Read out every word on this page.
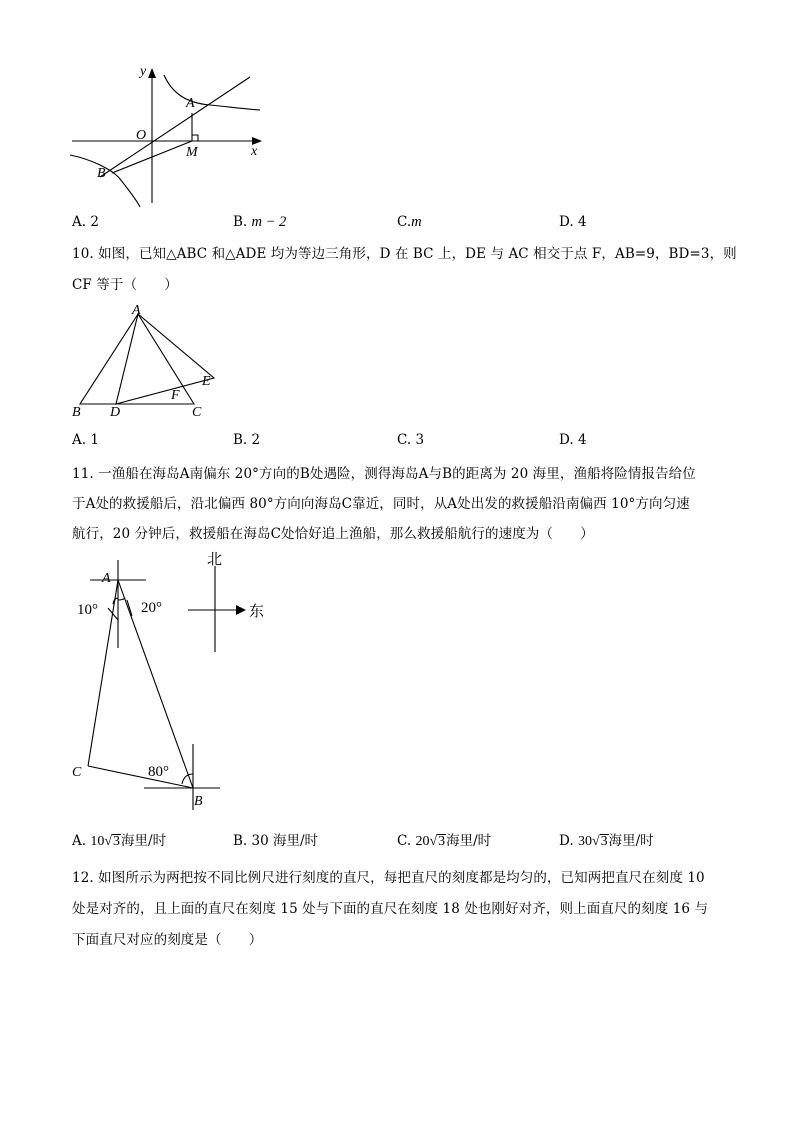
y
x
O
A
M
B
A. 2	B. m − 2	C.m	D. 4
10. 如图，已知△ABC 和△ADE 均为等边三角形，D 在 BC 上，DE 与 AC 相交于点 F，AB=9，BD=3，则
CF 等于（　　）
A
B D
F
C
E
A. 1	B. 2	C. 3	D. 4
11. 一渔船在海岛A南偏东 20°方向的B处遇险，测得海岛A与B的距离为 20 海里，渔船将险情报告给位
于A处的救援船后，沿北偏西 80°方向向海岛C靠近，同时，从A处出发的救援船沿南偏西 10°方向匀速
航行，20 分钟后，救援船在海岛C处恰好追上渔船，那么救援船航行的速度为（　　）
A
10°	20°
80°
C
B
北
东
A. 10√3海里/时	B. 30 海里/时	C. 20√3海里/时	D. 30√3海里/时
12. 如图所示为两把按不同比例尺进行刻度的直尺，每把直尺的刻度都是均匀的，已知两把直尺在刻度 10
处是对齐的，且上面的直尺在刻度 15 处与下面的直尺在刻度 18 处也刚好对齐，则上面直尺的刻度 16 与
下面直尺对应的刻度是（　　）
